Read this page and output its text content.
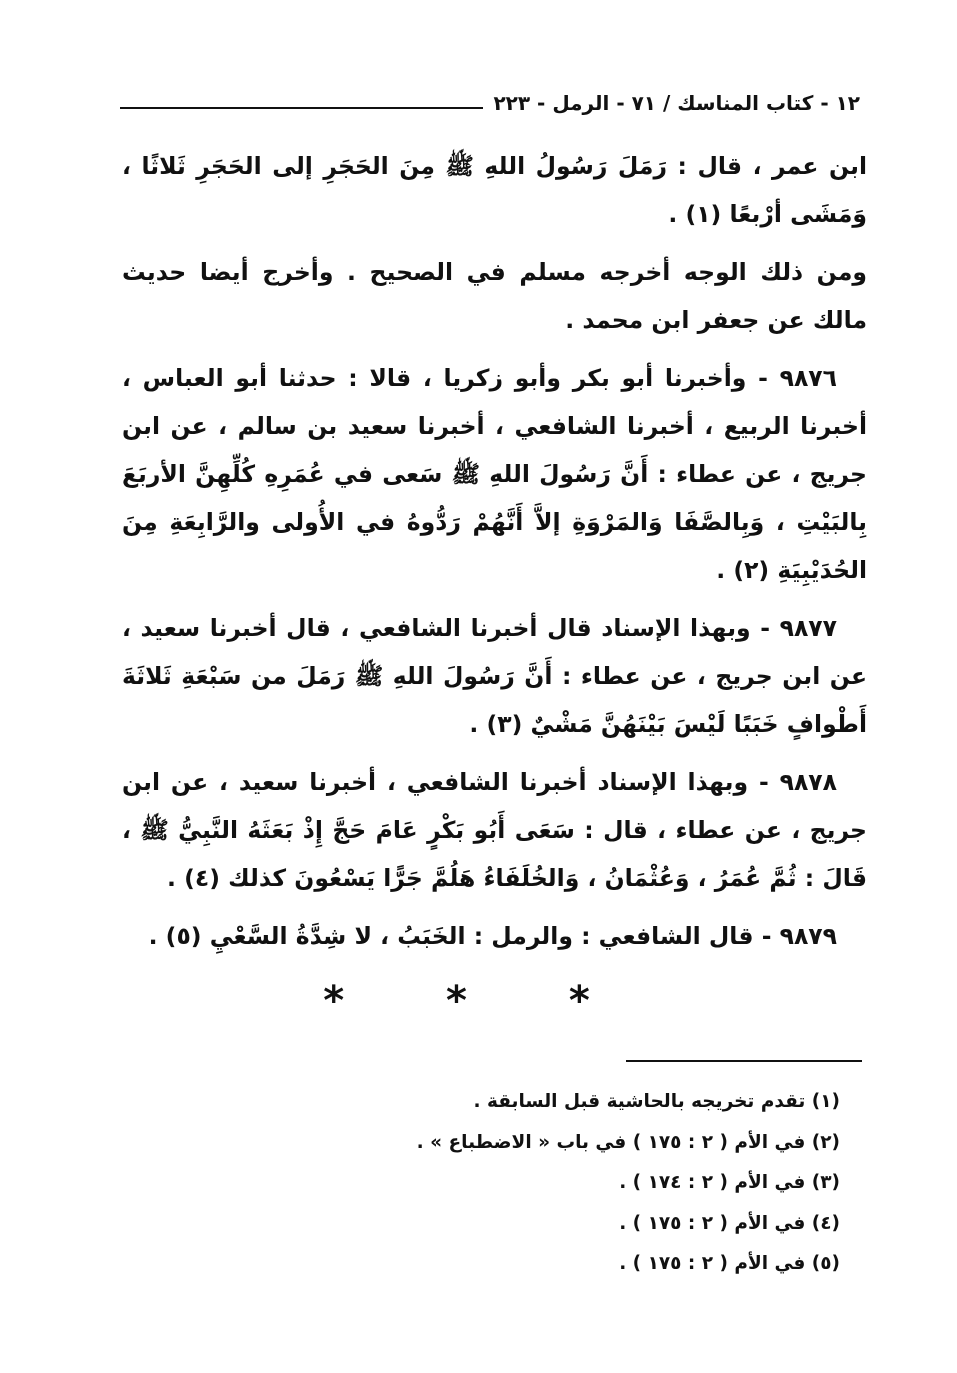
١٢ - كتاب المناسك / ٧١ - الرمل - ٢٢٣

ابن عمر ، قال : رَمَلَ رَسُولُ اللهِ ﷺ مِنَ الحَجَرِ إلى الحَجَرِ ثَلاثًا ، وَمَشَى أرْبعًا (١) .

ومن ذلك الوجه أخرجه مسلم في الصحيح . وأخرج أيضا حديث مالك عن جعفر ابن محمد .

٩٨٧٦ - وأخبرنا أبو بكر وأبو زكريا ، قالا : حدثنا أبو العباس ، أخبرنا الربيع ، أخبرنا الشافعي ، أخبرنا سعيد بن سالم ، عن ابن جريج ، عن عطاء : أَنَّ رَسُولَ اللهِ ﷺ سَعى في عُمَرِهِ كُلِّهِنَّ الأربَعَ بِالبَيْتِ ، وَبِالصَّفَا وَالمَرْوَةِ إلاَّ أَنَّهُمْ رَدُّوهُ في الأُولى والرَّابِعَةِ مِنَ الحُدَيْبِيَةِ (٢) .

٩٨٧٧ - وبهذا الإسناد قال أخبرنا الشافعي ، قال أخبرنا سعيد ، عن ابن جريج ، عن عطاء : أَنَّ رَسُولَ اللهِ ﷺ رَمَلَ من سَبْعَةِ ثَلاثَةَ أَطْوافٍ خَبَبًا لَيْسَ بَيْنَهُنَّ مَشْيٌ (٣) .

٩٨٧٨ - وبهذا الإسناد أخبرنا الشافعي ، أخبرنا سعيد ، عن ابن جريج ، عن عطاء ، قال : سَعَى أَبُو بَكْرٍ عَامَ حَجَّ إِذْ بَعَثَهُ النَّبِيُّ ﷺ ، قَالَ : ثُمَّ عُمَرُ ، وَعُثْمَانُ ، وَالخُلَفَاءُ هَلُمَّ جَرًّا يَسْعُونَ كذلك (٤) .

٩٨٧٩ - قال الشافعي : والرمل : الخَبَبُ ، لا شِدَّةُ السَّعْيِ (٥) .

* * *

(١) تقدم تخريجه بالحاشية قبل السابقة .

(٢) في الأم ( ٢ : ١٧٥ ) في باب « الاضطباع » .

(٣) في الأم ( ٢ : ١٧٤ ) .

(٤) في الأم ( ٢ : ١٧٥ ) .

(٥) في الأم ( ٢ : ١٧٥ ) .
